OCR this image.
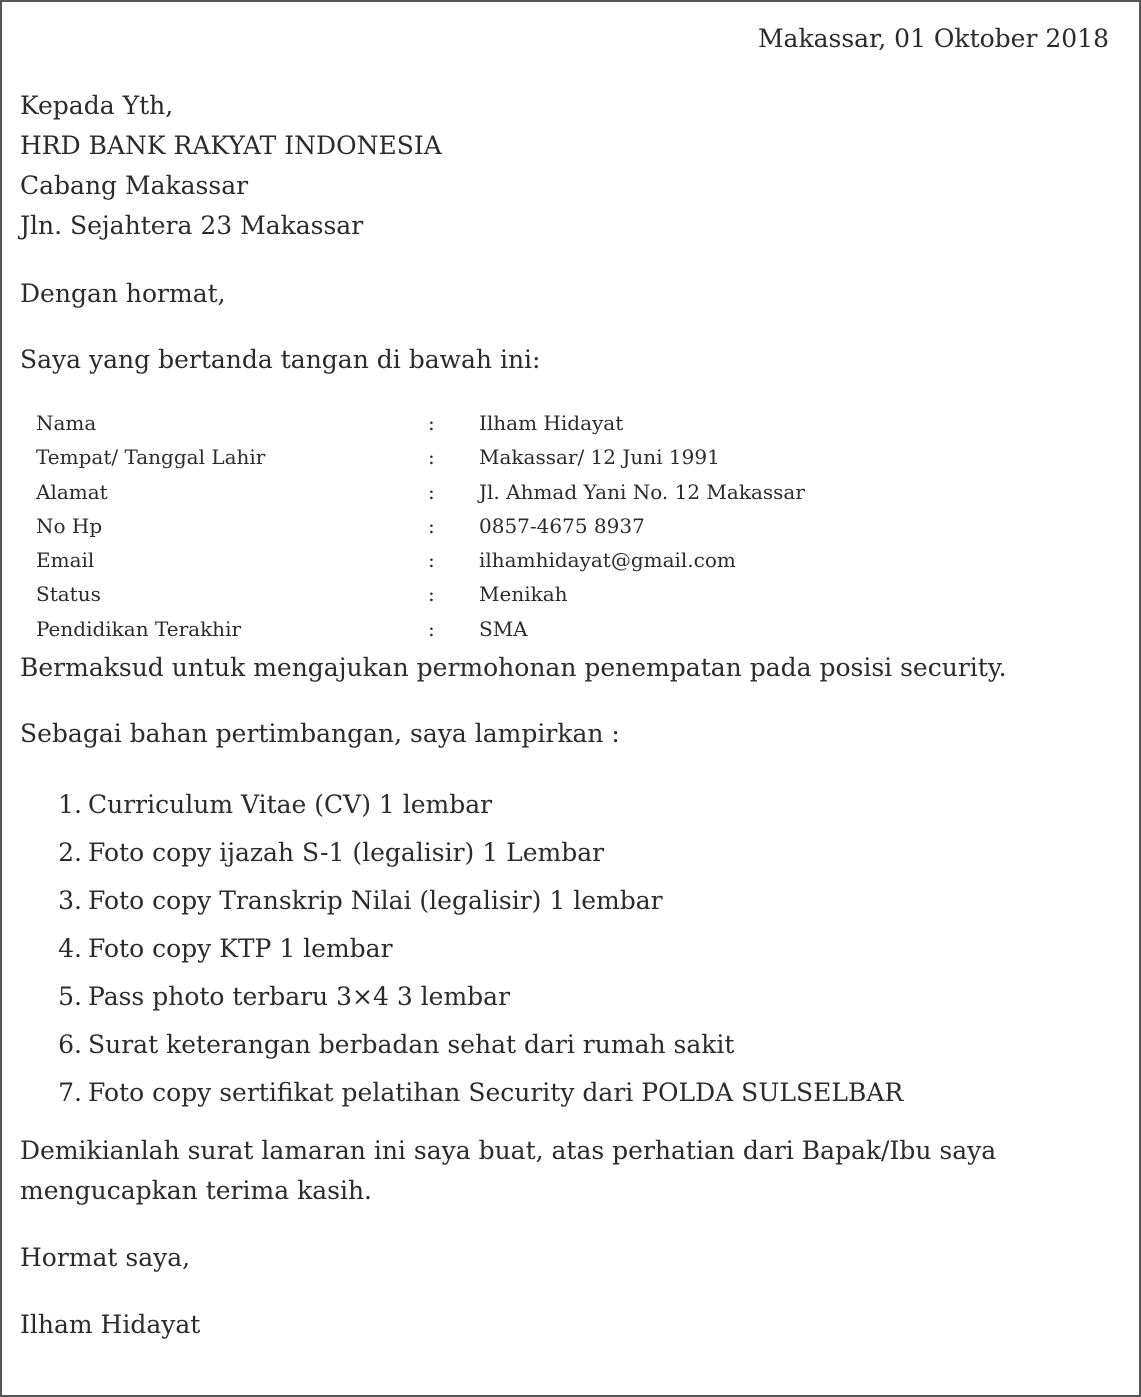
Makassar, 01 Oktober 2018
Kepada Yth,
HRD BANK RAKYAT INDONESIA
Cabang Makassar
Jln. Sejahtera 23 Makassar
Dengan hormat,
Saya yang bertanda tangan di bawah ini:
Nama	: Ilham Hidayat
Tempat/ Tanggal Lahir	: Makassar/ 12 Juni 1991
Alamat	: Jl. Ahmad Yani No. 12 Makassar
No Hp	: 0857-4675 8937
Email	: ilhamhidayat@gmail.com
Status	: Menikah
Pendidikan Terakhir	: SMA
Bermaksud untuk mengajukan permohonan penempatan pada posisi security.
Sebagai bahan pertimbangan, saya lampirkan :
1. Curriculum Vitae (CV) 1 lembar
2. Foto copy ijazah S-1 (legalisir) 1 Lembar
3. Foto copy Transkrip Nilai (legalisir) 1 lembar
4. Foto copy KTP 1 lembar
5. Pass photo terbaru 3×4 3 lembar
6. Surat keterangan berbadan sehat dari rumah sakit
7. Foto copy sertifikat pelatihan Security dari POLDA SULSELBAR
Demikianlah surat lamaran ini saya buat, atas perhatian dari Bapak/Ibu saya
mengucapkan terima kasih.
Hormat saya,
Ilham Hidayat
